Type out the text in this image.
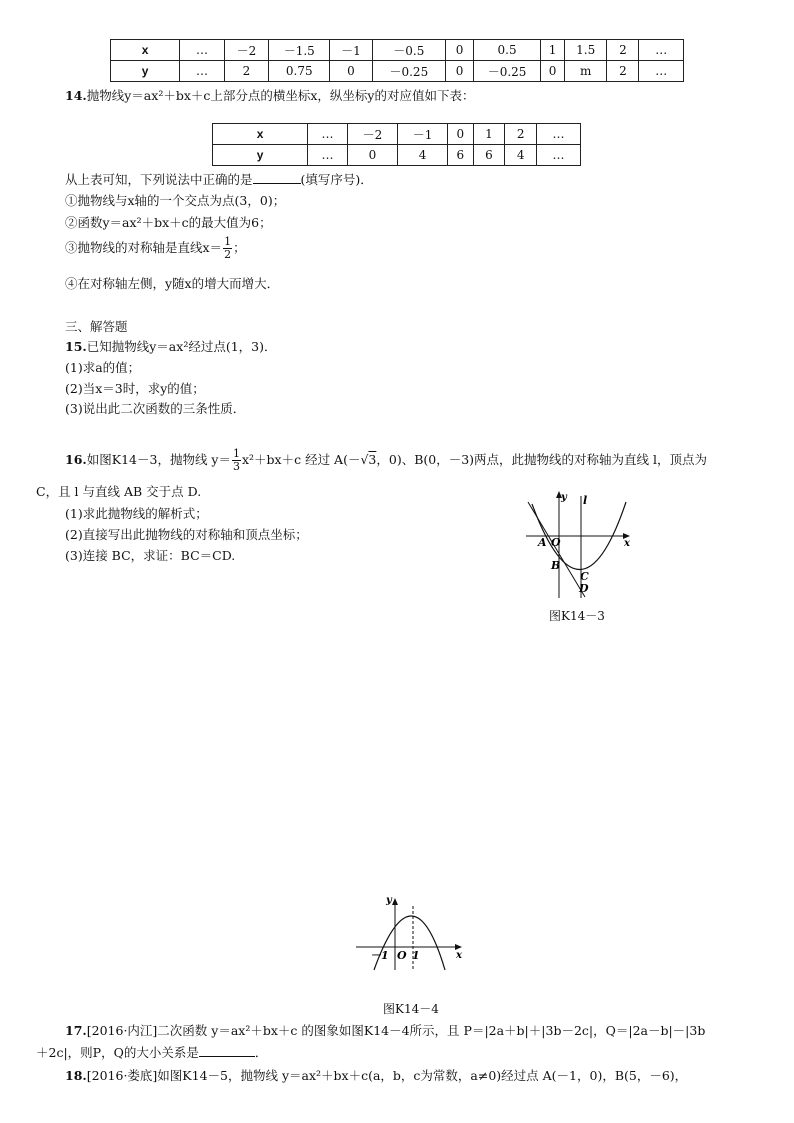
x	…	－2	－1.5	－1	－0.5	0	0.5	1	1.5	2	…
y	…	2	0.75	0	－0.25	0	－0.25	0	m	2	…
14.抛物线y＝ax²＋bx＋c上部分点的横坐标x，纵坐标y的对应值如下表：
x	…	－2	－1	0	1	2	…
y	…	0	4	6	6	4	…
从上表可知，下列说法中正确的是	(填写序号)．
①抛物线与x轴的一个交点为点(3，0)；
②函数y＝ax²＋bx＋c的最大值为6；
③抛物线的对称轴是直线$x= \frac{1}{2}$ ；
④在对称轴左侧，y随x的增大而增大．
三、解答题
15.已知抛物线y＝ax²经过点(1，3)．
(1)求a的值；
(2)当x＝3时，求y的值；
(3)说出此二次函数的三条性质．
16.如图K14－3，抛物线 $y= \frac{1}{3} x^2+bx+c$ 经过 A(－√3，0)、B(0，－3)两点，此抛物线的对称轴为直线 l，顶点为
C，且 l 与直线 AB 交于点 D.
(1)求此抛物线的解析式；
(2)直接写出此抛物线的对称轴和顶点坐标；
(3)连接 BC，求证：BC＝CD.
y l
x
A O
B
C
D
图K14－3
y
x
－1 O 1
图K14－4
17.[2016·内江]二次函数 y＝ax²＋bx＋c 的图象如图K14－4所示，且 P＝|2a＋b|＋|3b－2c|，Q＝|2a－b|－|3b
＋2c|，则P，Q的大小关系是	．
18.[2016·娄底]如图K14－5，抛物线 y＝ax²＋bx＋c(a，b，c为常数，a≠0)经过点 A(－1，0)，B(5，－6)，
